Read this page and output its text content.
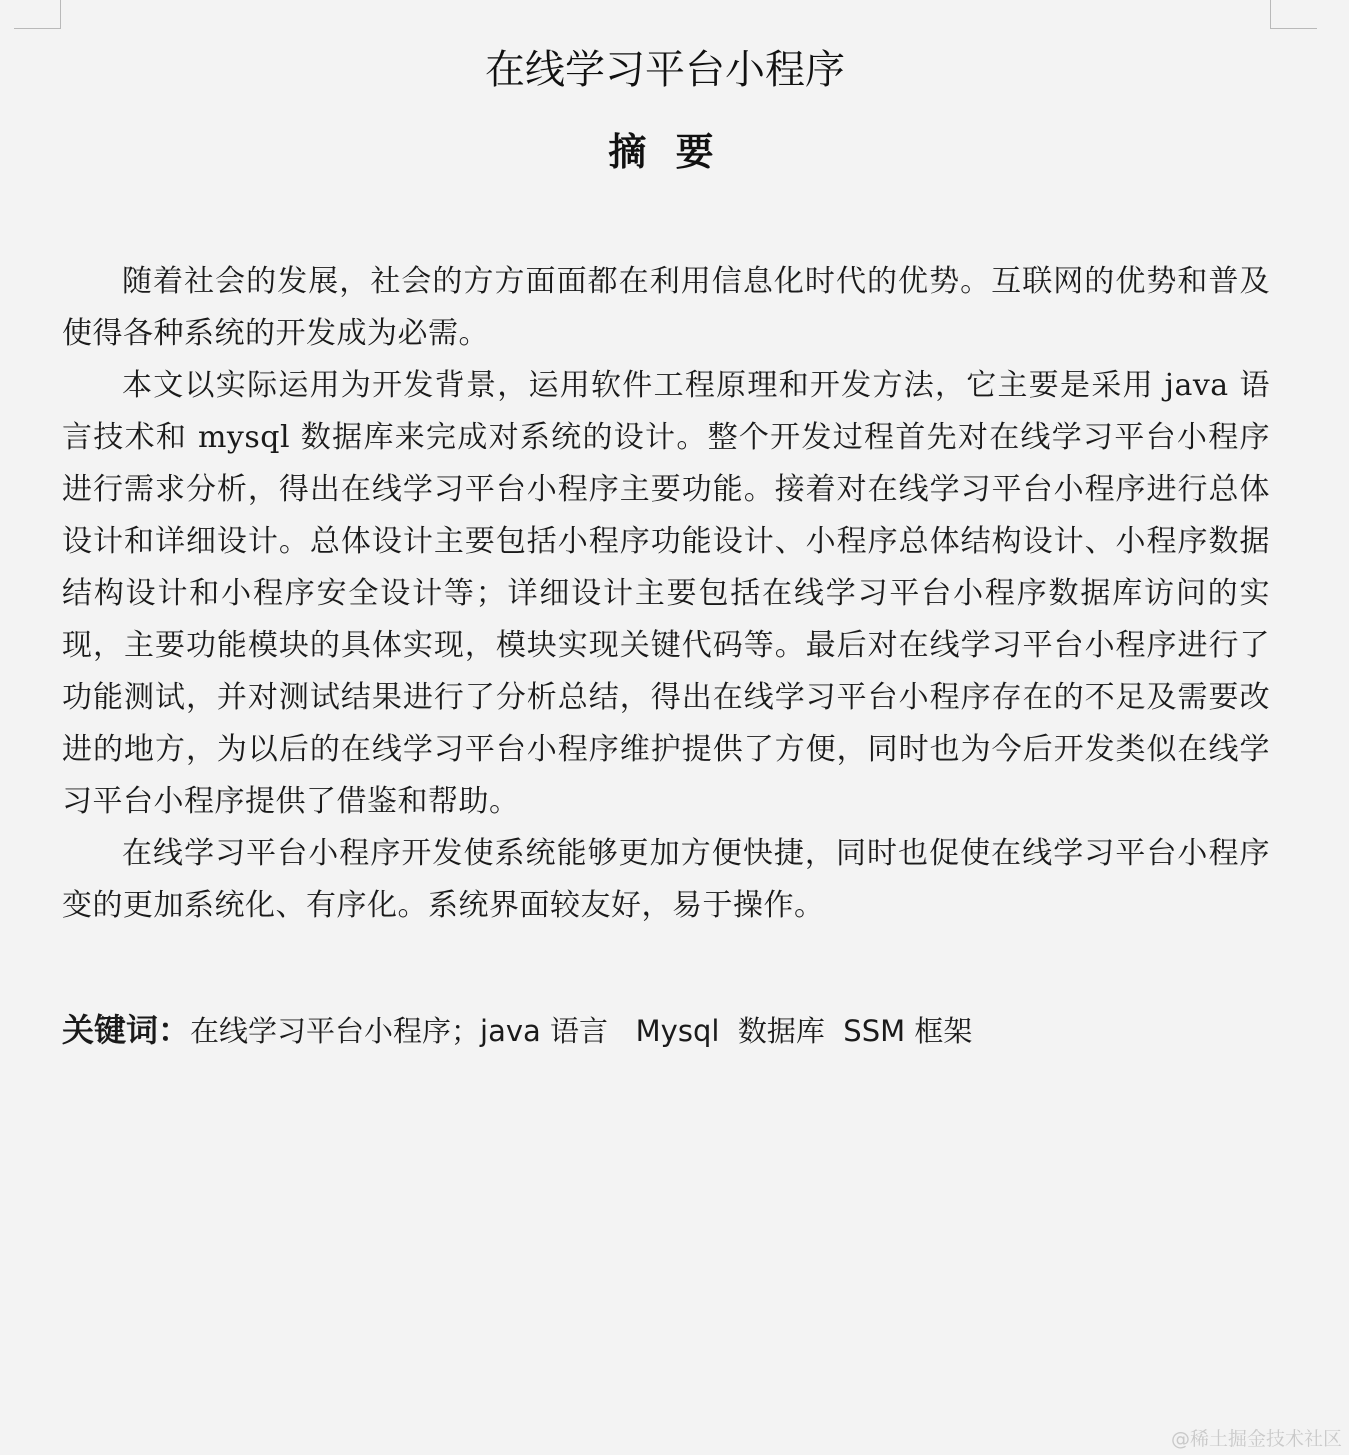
在线学习平台小程序
摘 要

随着社会的发展，社会的方方面面都在利用信息化时代的优势。互联网的优势和普及使得各种系统的开发成为必需。

本文以实际运用为开发背景，运用软件工程原理和开发方法，它主要是采用 java 语言技术和 mysql 数据库来完成对系统的设计。整个开发过程首先对在线学习平台小程序进行需求分析，得出在线学习平台小程序主要功能。接着对在线学习平台小程序进行总体设计和详细设计。总体设计主要包括小程序功能设计、小程序总体结构设计、小程序数据结构设计和小程序安全设计等；详细设计主要包括在线学习平台小程序数据库访问的实现，主要功能模块的具体实现，模块实现关键代码等。最后对在线学习平台小程序进行了功能测试，并对测试结果进行了分析总结，得出在线学习平台小程序存在的不足及需要改进的地方，为以后的在线学习平台小程序维护提供了方便，同时也为今后开发类似在线学习平台小程序提供了借鉴和帮助。

在线学习平台小程序开发使系统能够更加方便快捷，同时也促使在线学习平台小程序变的更加系统化、有序化。系统界面较友好，易于操作。

关键词：在线学习平台小程序；java 语言   Mysql  数据库  SSM 框架
@稀土掘金技术社区
